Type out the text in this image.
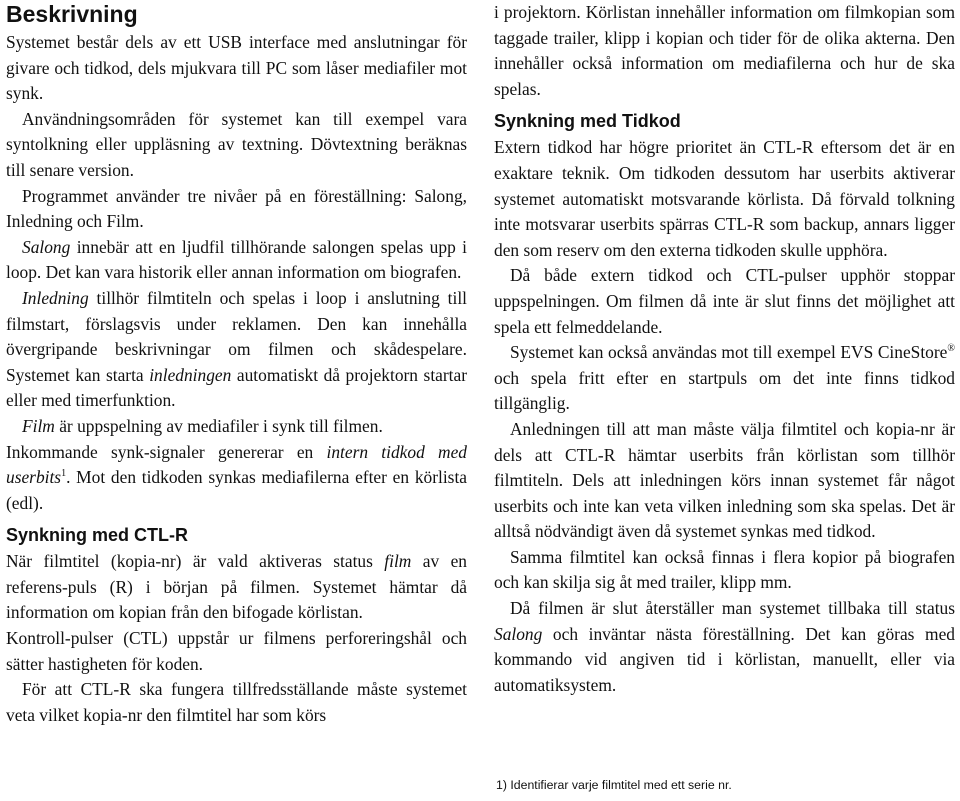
Beskrivning

Systemet består dels av ett USB interface med anslutningar för givare och tidkod, dels mjukvara till PC som låser mediafiler mot synk.

Användningsområden för systemet kan till exempel vara syntolkning eller uppläsning av textning. Dövtextning beräknas till senare version.

Programmet använder tre nivåer på en föreställning: Salong, Inledning och Film.

Salong innebär att en ljudfil tillhörande salongen spelas upp i loop. Det kan vara historik eller annan information om biografen.

Inledning tillhör filmtiteln och spelas i loop i anslutning till filmstart, förslagsvis under reklamen. Den kan innehålla övergripande beskrivningar om filmen och skådespelare. Systemet kan starta inledningen automatiskt då projektorn startar eller med timerfunktion.

Film är uppspelning av mediafiler i synk till filmen.

Inkommande synk-signaler genererar en intern tidkod med userbits$^1$. Mot den tidkoden synkas mediafilerna efter en körlista (edl).

Synkning med CTL-R

När filmtitel (kopia-nr) är vald aktiveras status film av en referens-puls (R) i början på filmen. Systemet hämtar då information om kopian från den bifogade körlistan.

Kontroll-pulser (CTL) uppstår ur filmens perforeringshål och sätter hastigheten för koden.

För att CTL-R ska fungera tillfredsställande måste systemet veta vilket kopia-nr den filmtitel har som körs

i projektorn. Körlistan innehåller information om filmkopian som taggade trailer, klipp i kopian och tider för de olika akterna. Den innehåller också information om mediafilerna och hur de ska spelas.

Synkning med Tidkod

Extern tidkod har högre prioritet än CTL-R eftersom det är en exaktare teknik. Om tidkoden dessutom har userbits aktiverar systemet automatiskt motsvarande körlista. Då förvald tolkning inte motsvarar userbits spärras CTL-R som backup, annars ligger den som reserv om den externa tidkoden skulle upphöra.

Då både extern tidkod och CTL-pulser upphör stoppar uppspelningen. Om filmen då inte är slut finns det möjlighet att spela ett felmeddelande.

Systemet kan också användas mot till exempel EVS CineStore® och spela fritt efter en startpuls om det inte finns tidkod tillgänglig.

Anledningen till att man måste välja filmtitel och kopia-nr är dels att CTL-R hämtar userbits från körlistan som tillhör filmtiteln. Dels att inledningen körs innan systemet får något userbits och inte kan veta vilken inledning som ska spelas. Det är alltså nödvändigt även då systemet synkas med tidkod.

Samma filmtitel kan också finnas i flera kopior på biografen och kan skilja sig åt med trailer, klipp mm.

Då filmen är slut återställer man systemet tillbaka till status Salong och inväntar nästa föreställning. Det kan göras med kommando vid angiven tid i körlistan, manuellt, eller via automatiksystem.

1) Identifierar varje filmtitel med ett serie nr.
